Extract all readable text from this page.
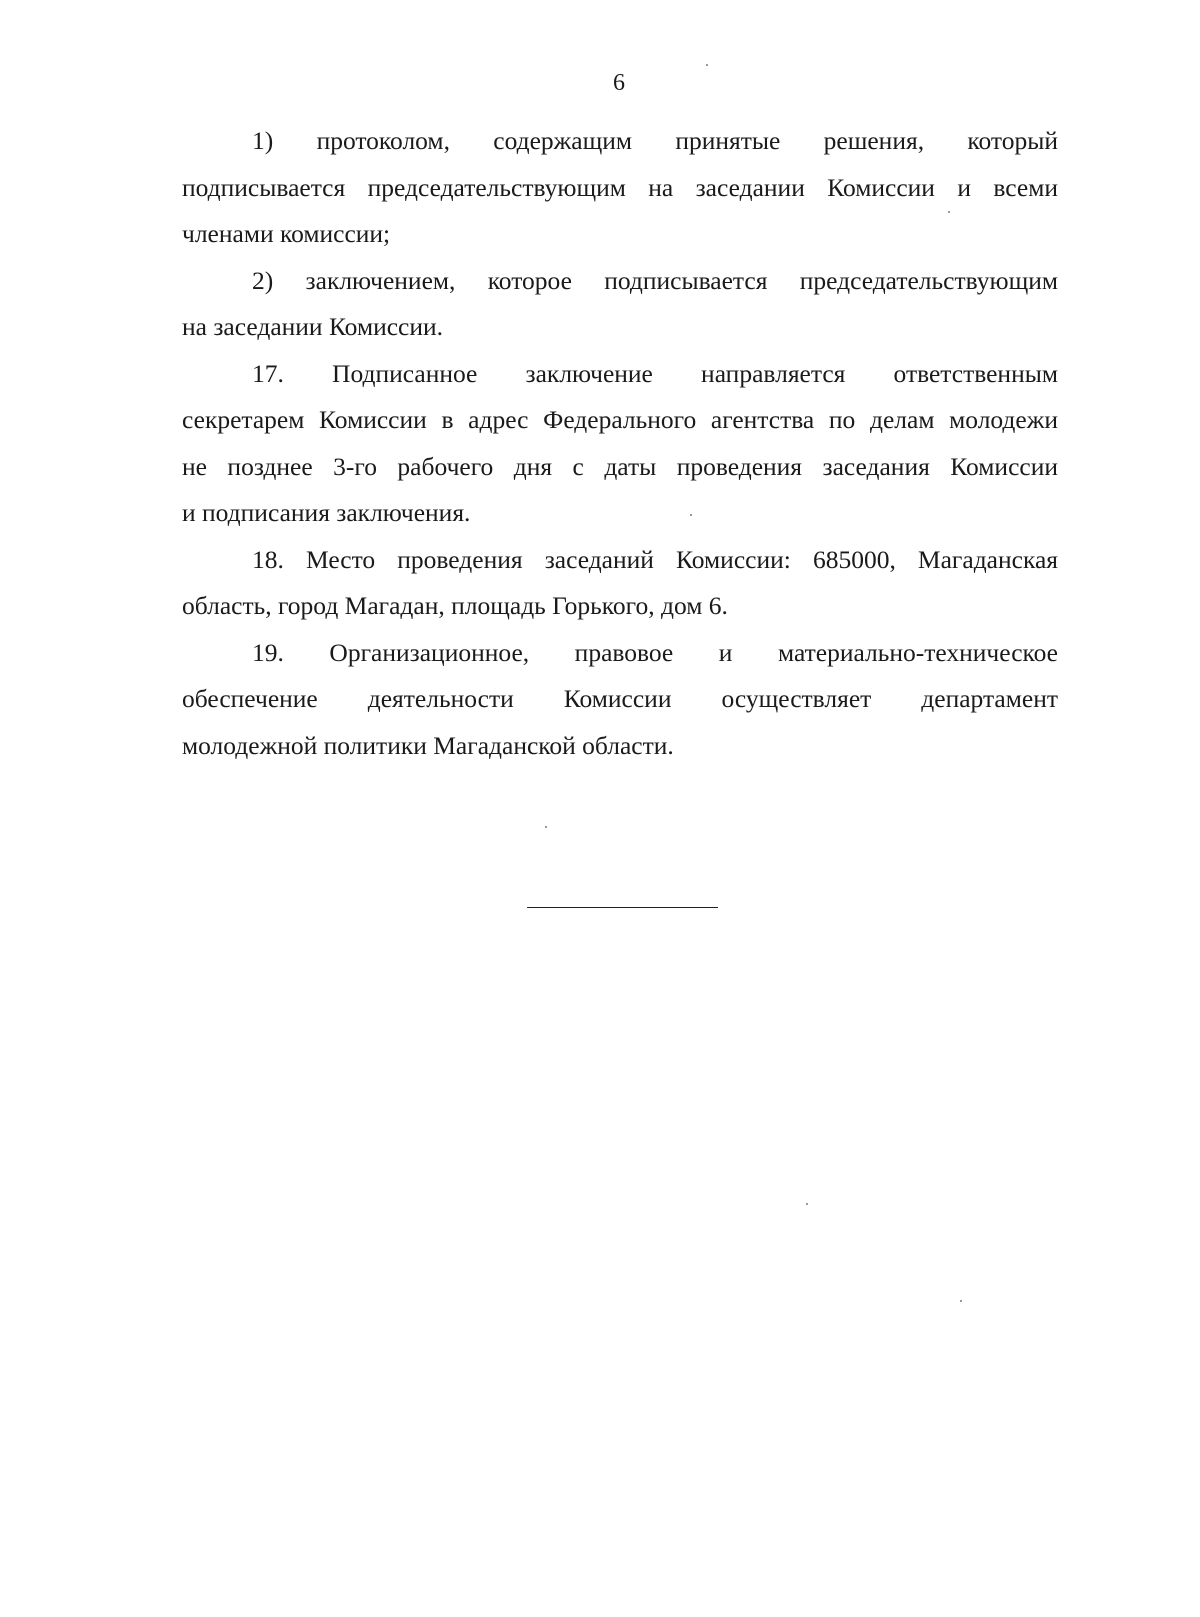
6

1) протоколом, содержащим принятые решения, который
подписывается председательствующим на заседании Комиссии и всеми
членами комиссии;

2) заключением, которое подписывается председательствующим
на заседании Комиссии.

17. Подписанное заключение направляется ответственным
секретарем Комиссии в адрес Федерального агентства по делам молодежи
не позднее 3-го рабочего дня с даты проведения заседания Комиссии
и подписания заключения.

18. Место проведения заседаний Комиссии: 685000, Магаданская
область, город Магадан, площадь Горького, дом 6.

19. Организационное, правовое и материально-техническое
обеспечение деятельности Комиссии осуществляет департамент
молодежной политики Магаданской области.
